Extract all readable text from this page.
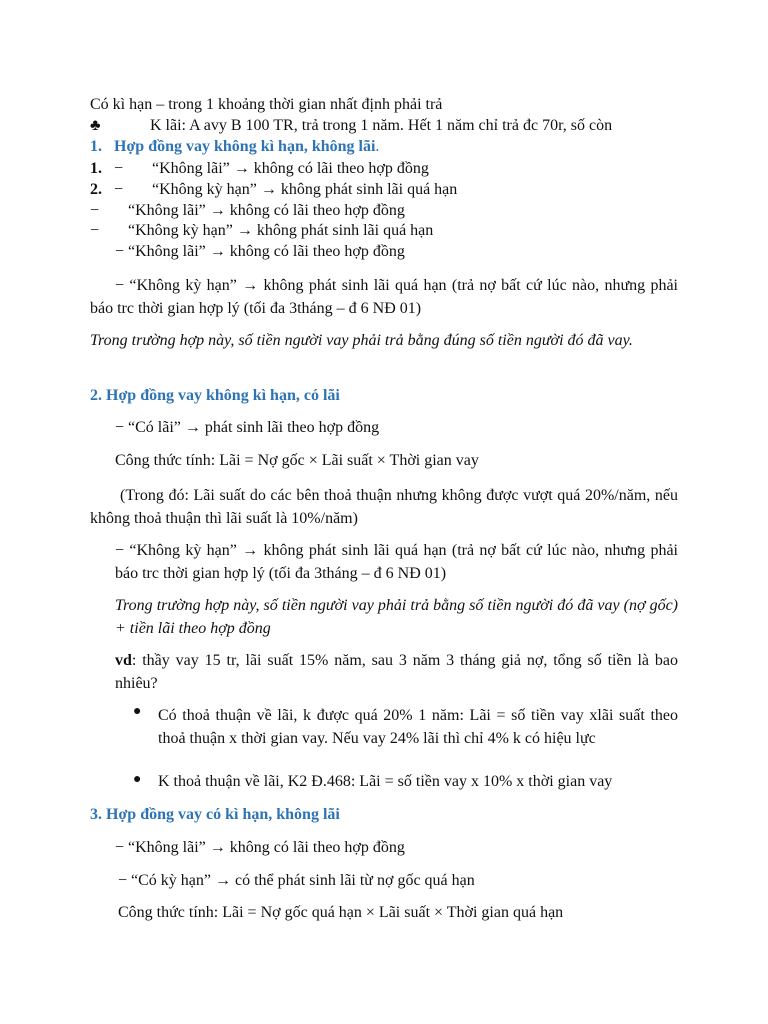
Có kì hạn – trong 1 khoảng thời gian nhất định phải trả
♣	K lãi: A avy B 100 TR, trả trong 1 năm. Hết 1 năm chỉ trả đc 70r, số còn
1. Hợp đồng vay không kì hạn, không lãi.
1. − “Không lãi” → không có lãi theo hợp đồng
2. − “Không kỳ hạn” → không phát sinh lãi quá hạn
− “Không lãi” → không có lãi theo hợp đồng
− “Không kỳ hạn” → không phát sinh lãi quá hạn
− “Không lãi” → không có lãi theo hợp đồng
− “Không kỳ hạn” → không phát sinh lãi quá hạn (trả nợ bất cứ lúc nào, nhưng phải báo trc thời gian hợp lý (tối đa 3tháng – đ 6 NĐ 01)
Trong trường hợp này, số tiền người vay phải trả bằng đúng số tiền người đó đã vay.
2. Hợp đồng vay không kì hạn, có lãi
− “Có lãi” → phát sinh lãi theo hợp đồng
Công thức tính: Lãi = Nợ gốc × Lãi suất × Thời gian vay
(Trong đó: Lãi suất do các bên thoả thuận nhưng không được vượt quá 20%/năm, nếu không thoả thuận thì lãi suất là 10%/năm)
− “Không kỳ hạn” → không phát sinh lãi quá hạn (trả nợ bất cứ lúc nào, nhưng phải báo trc thời gian hợp lý (tối đa 3tháng – đ 6 NĐ 01)
Trong trường hợp này, số tiền người vay phải trả bằng số tiền người đó đã vay (nợ gốc) + tiền lãi theo hợp đồng
vd: thầy vay 15 tr, lãi suất 15% năm, sau 3 năm 3 tháng giả nợ, tổng số tiền là bao nhiêu?
● Có thoả thuận về lãi, k được quá 20% 1 năm: Lãi = số tiền vay xlãi suất theo thoả thuận x thời gian vay. Nếu vay 24% lãi thì chỉ 4% k có hiệu lực
● K thoả thuận về lãi, K2 Đ.468: Lãi = số tiền vay x 10% x thời gian vay
3. Hợp đồng vay có kì hạn, không lãi
− “Không lãi” → không có lãi theo hợp đồng
− “Có kỳ hạn” → có thể phát sinh lãi từ nợ gốc quá hạn
Công thức tính: Lãi = Nợ gốc quá hạn × Lãi suất × Thời gian quá hạn
